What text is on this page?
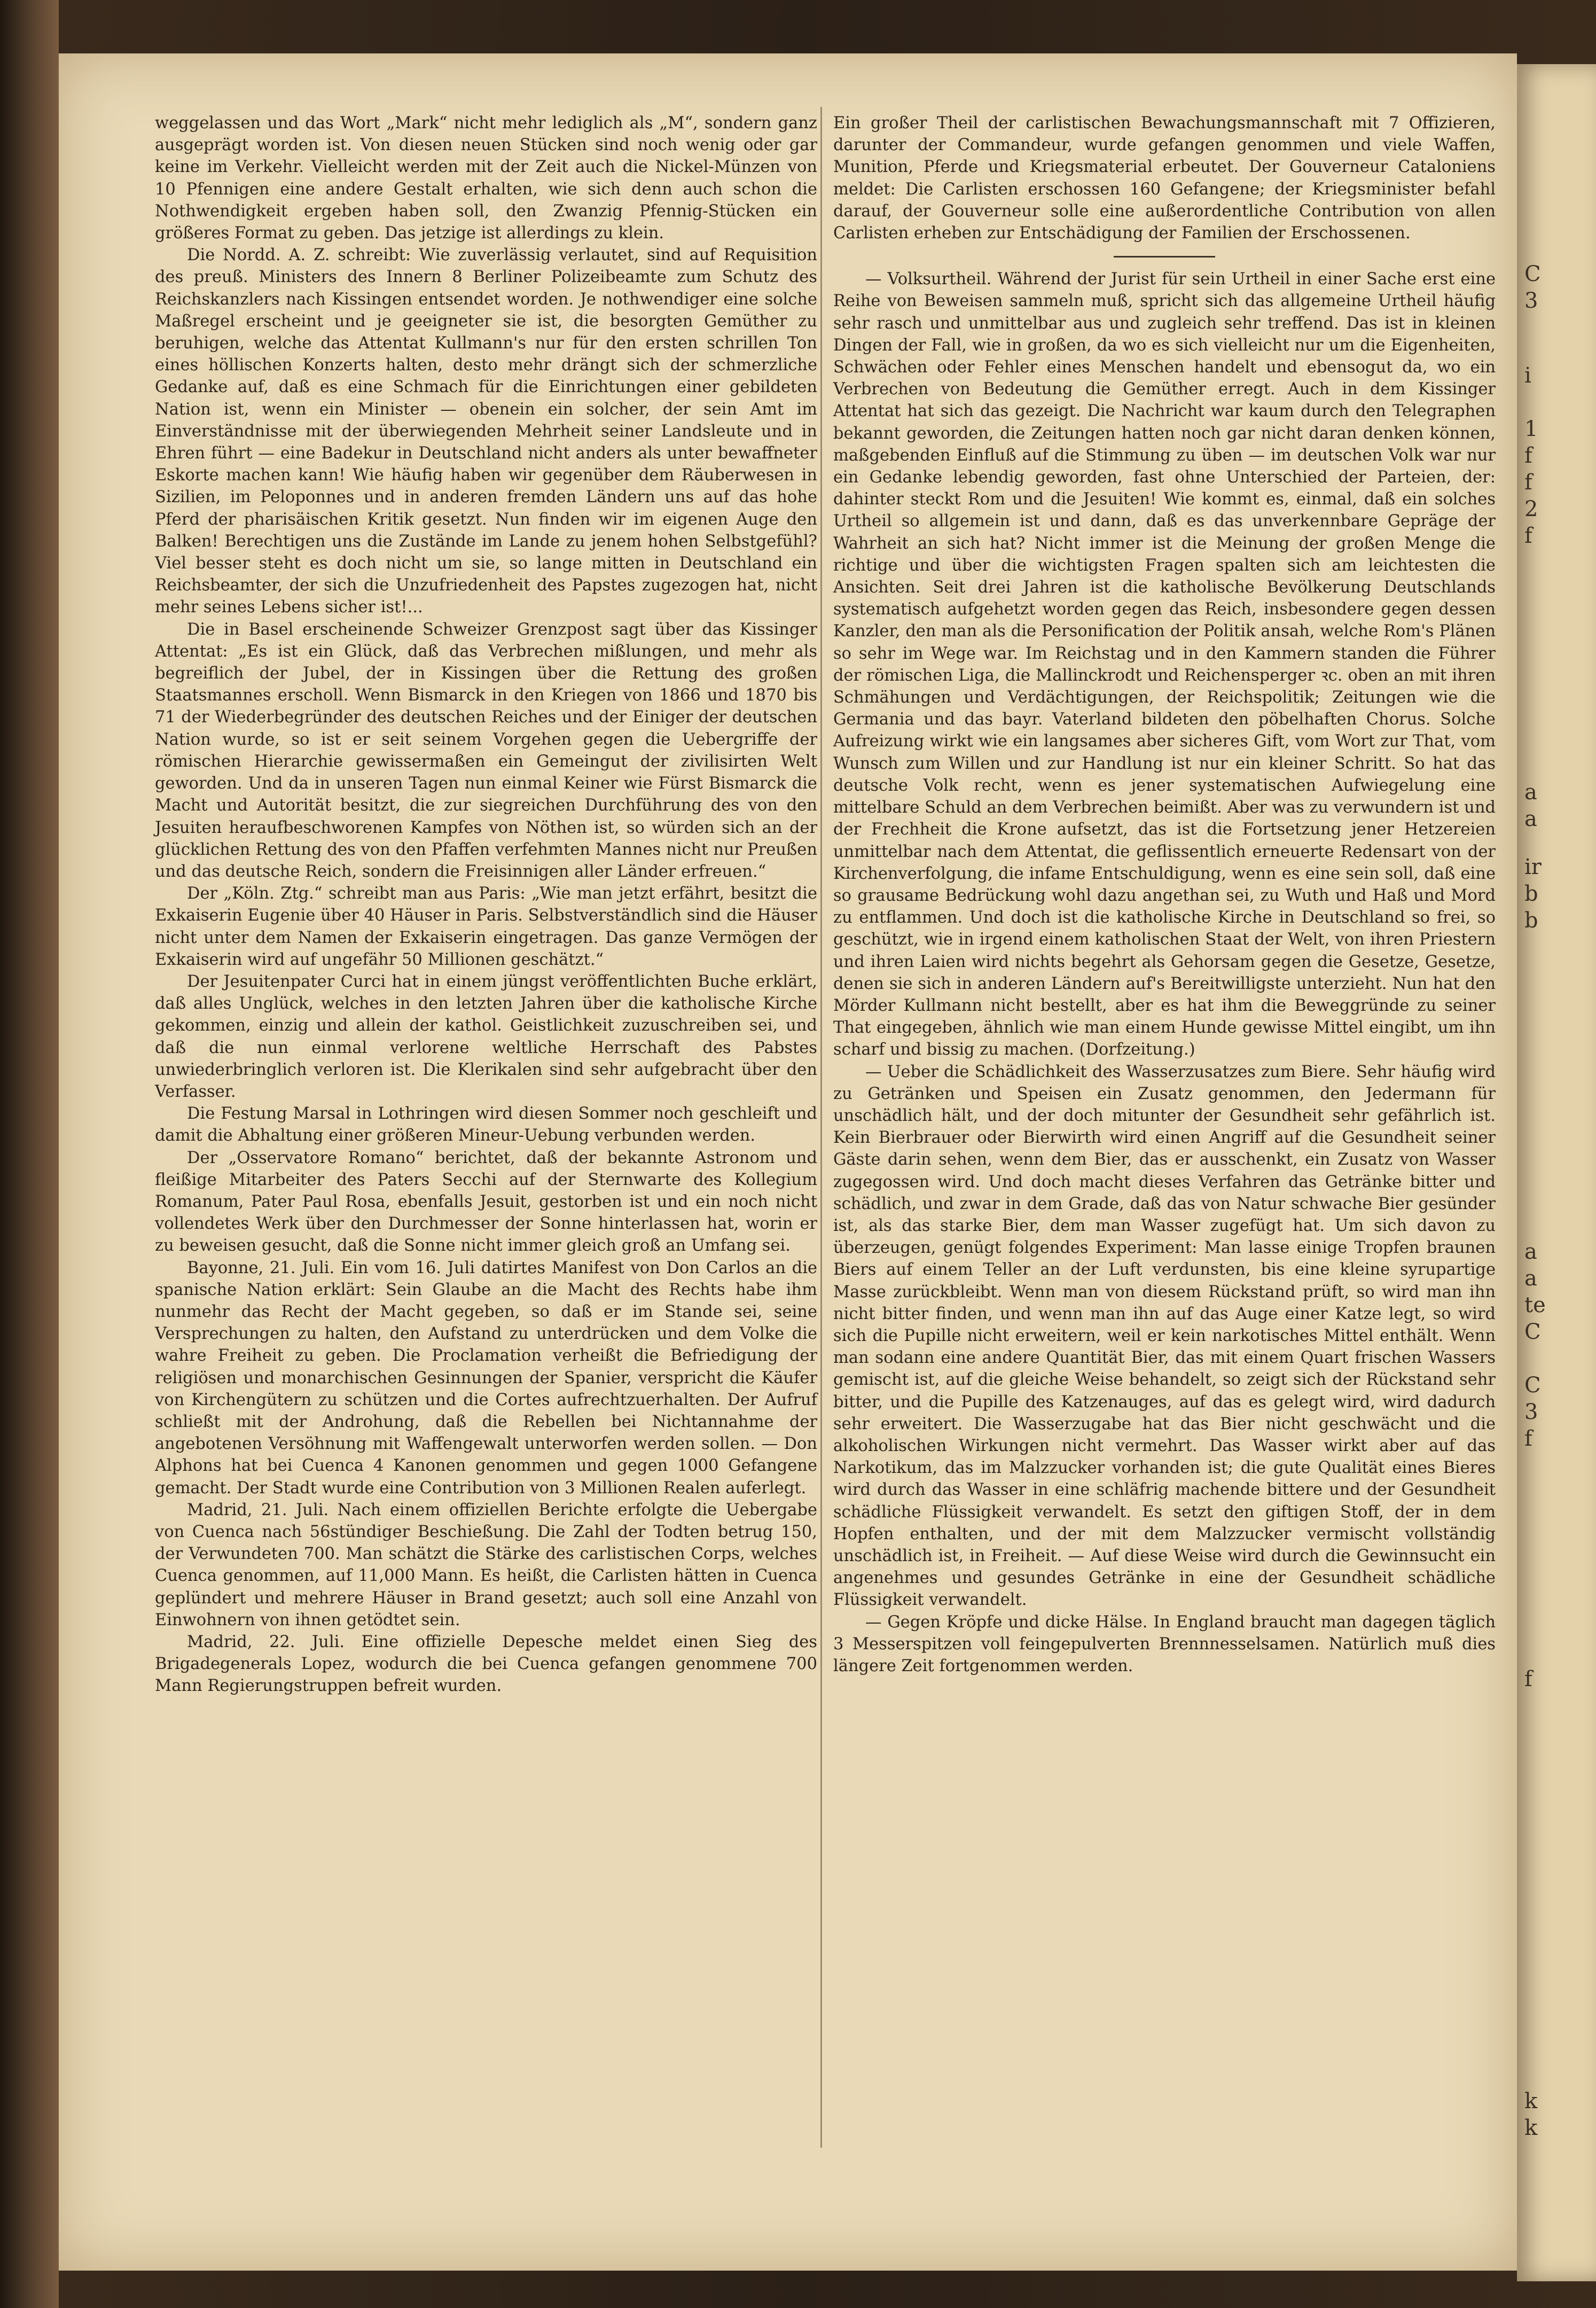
weggelassen und das Wort „Mark“ nicht mehr lediglich als „M“, sondern ganz ausgeprägt worden ist. Von diesen neuen Stücken sind noch wenig oder gar keine im Verkehr. Vielleicht werden mit der Zeit auch die Nickel-Münzen von 10 Pfennigen eine andere Gestalt erhalten, wie sich denn auch schon die Nothwendigkeit ergeben haben soll, den Zwanzig Pfennig-Stücken ein größeres Format zu geben. Das jetzige ist allerdings zu klein.

Die Nordd. A. Z. schreibt: Wie zuverlässig verlautet, sind auf Requisition des preuß. Ministers des Innern 8 Berliner Polizeibeamte zum Schutz des Reichskanzlers nach Kissingen entsendet worden. Je nothwendiger eine solche Maßregel erscheint und je geeigneter sie ist, die besorgten Gemüther zu beruhigen, welche das Attentat Kullmann's nur für den ersten schrillen Ton eines höllischen Konzerts halten, desto mehr drängt sich der schmerzliche Gedanke auf, daß es eine Schmach für die Einrichtungen einer gebildeten Nation ist, wenn ein Minister — obenein ein solcher, der sein Amt im Einverständnisse mit der überwiegenden Mehrheit seiner Landsleute und in Ehren führt — eine Badekur in Deutschland nicht anders als unter bewaffneter Eskorte machen kann! Wie häufig haben wir gegenüber dem Räuberwesen in Sizilien, im Peloponnes und in anderen fremden Ländern uns auf das hohe Pferd der pharisäischen Kritik gesetzt. Nun finden wir im eigenen Auge den Balken! Berechtigen uns die Zustände im Lande zu jenem hohen Selbstgefühl? Viel besser steht es doch nicht um sie, so lange mitten in Deutschland ein Reichsbeamter, der sich die Unzufriedenheit des Papstes zugezogen hat, nicht mehr seines Lebens sicher ist!...

Die in Basel erscheinende Schweizer Grenzpost sagt über das Kissinger Attentat: „Es ist ein Glück, daß das Verbrechen mißlungen, und mehr als begreiflich der Jubel, der in Kissingen über die Rettung des großen Staatsmannes erscholl. Wenn Bismarck in den Kriegen von 1866 und 1870 bis 71 der Wiederbegründer des deutschen Reiches und der Einiger der deutschen Nation wurde, so ist er seit seinem Vorgehen gegen die Uebergriffe der römischen Hierarchie gewissermaßen ein Gemeingut der zivilisirten Welt geworden. Und da in unseren Tagen nun einmal Keiner wie Fürst Bismarck die Macht und Autorität besitzt, die zur siegreichen Durchführung des von den Jesuiten heraufbeschworenen Kampfes von Nöthen ist, so würden sich an der glücklichen Rettung des von den Pfaffen verfehmten Mannes nicht nur Preußen und das deutsche Reich, sondern die Freisinnigen aller Länder erfreuen.“

Der „Köln. Ztg.“ schreibt man aus Paris: „Wie man jetzt erfährt, besitzt die Exkaiserin Eugenie über 40 Häuser in Paris. Selbstverständlich sind die Häuser nicht unter dem Namen der Exkaiserin eingetragen. Das ganze Vermögen der Exkaiserin wird auf ungefähr 50 Millionen geschätzt.“

Der Jesuitenpater Curci hat in einem jüngst veröffentlichten Buche erklärt, daß alles Unglück, welches in den letzten Jahren über die katholische Kirche gekommen, einzig und allein der kathol. Geistlichkeit zuzuschreiben sei, und daß die nun einmal verlorene weltliche Herrschaft des Pabstes unwiederbringlich verloren ist. Die Klerikalen sind sehr aufgebracht über den Verfasser.

Die Festung Marsal in Lothringen wird diesen Sommer noch geschleift und damit die Abhaltung einer größeren Mineur-Uebung verbunden werden.

Der „Osservatore Romano“ berichtet, daß der bekannte Astronom und fleißige Mitarbeiter des Paters Secchi auf der Sternwarte des Kollegium Romanum, Pater Paul Rosa, ebenfalls Jesuit, gestorben ist und ein noch nicht vollendetes Werk über den Durchmesser der Sonne hinterlassen hat, worin er zu beweisen gesucht, daß die Sonne nicht immer gleich groß an Umfang sei.

Bayonne, 21. Juli. Ein vom 16. Juli datirtes Manifest von Don Carlos an die spanische Nation erklärt: Sein Glaube an die Macht des Rechts habe ihm nunmehr das Recht der Macht gegeben, so daß er im Stande sei, seine Versprechungen zu halten, den Aufstand zu unterdrücken und dem Volke die wahre Freiheit zu geben. Die Proclamation verheißt die Befriedigung der religiösen und monarchischen Gesinnungen der Spanier, verspricht die Käufer von Kirchengütern zu schützen und die Cortes aufrechtzuerhalten. Der Aufruf schließt mit der Androhung, daß die Rebellen bei Nichtannahme der angebotenen Versöhnung mit Waffengewalt unterworfen werden sollen. — Don Alphons hat bei Cuenca 4 Kanonen genommen und gegen 1000 Gefangene gemacht. Der Stadt wurde eine Contribution von 3 Millionen Realen auferlegt.

Madrid, 21. Juli. Nach einem offiziellen Berichte erfolgte die Uebergabe von Cuenca nach 56stündiger Beschießung. Die Zahl der Todten betrug 150, der Verwundeten 700. Man schätzt die Stärke des carlistischen Corps, welches Cuenca genommen, auf 11,000 Mann. Es heißt, die Carlisten hätten in Cuenca geplündert und mehrere Häuser in Brand gesetzt; auch soll eine Anzahl von Einwohnern von ihnen getödtet sein.

Madrid, 22. Juli. Eine offizielle Depesche meldet einen Sieg des Brigadegenerals Lopez, wodurch die bei Cuenca gefangen genommene 700 Mann Regierungstruppen befreit wurden.

Ein großer Theil der carlistischen Bewachungsmannschaft mit 7 Offizieren, darunter der Commandeur, wurde gefangen genommen und viele Waffen, Munition, Pferde und Kriegsmaterial erbeutet. Der Gouverneur Cataloniens meldet: Die Carlisten erschossen 160 Gefangene; der Kriegsminister befahl darauf, der Gouverneur solle eine außerordentliche Contribution von allen Carlisten erheben zur Entschädigung der Familien der Erschossenen.

— Volksurtheil. Während der Jurist für sein Urtheil in einer Sache erst eine Reihe von Beweisen sammeln muß, spricht sich das allgemeine Urtheil häufig sehr rasch und unmittelbar aus und zugleich sehr treffend. Das ist in kleinen Dingen der Fall, wie in großen, da wo es sich vielleicht nur um die Eigenheiten, Schwächen oder Fehler eines Menschen handelt und ebensogut da, wo ein Verbrechen von Bedeutung die Gemüther erregt. Auch in dem Kissinger Attentat hat sich das gezeigt. Die Nachricht war kaum durch den Telegraphen bekannt geworden, die Zeitungen hatten noch gar nicht daran denken können, maßgebenden Einfluß auf die Stimmung zu üben — im deutschen Volk war nur ein Gedanke lebendig geworden, fast ohne Unterschied der Parteien, der: dahinter steckt Rom und die Jesuiten! Wie kommt es, einmal, daß ein solches Urtheil so allgemein ist und dann, daß es das unverkennbare Gepräge der Wahrheit an sich hat? Nicht immer ist die Meinung der großen Menge die richtige und über die wichtigsten Fragen spalten sich am leichtesten die Ansichten. Seit drei Jahren ist die katholische Bevölkerung Deutschlands systematisch aufgehetzt worden gegen das Reich, insbesondere gegen dessen Kanzler, den man als die Personification der Politik ansah, welche Rom's Plänen so sehr im Wege war. Im Reichstag und in den Kammern standen die Führer der römischen Liga, die Mallinckrodt und Reichensperger ꝛc. oben an mit ihren Schmähungen und Verdächtigungen, der Reichspolitik; Zeitungen wie die Germania und das bayr. Vaterland bildeten den pöbelhaften Chorus. Solche Aufreizung wirkt wie ein langsames aber sicheres Gift, vom Wort zur That, vom Wunsch zum Willen und zur Handlung ist nur ein kleiner Schritt. So hat das deutsche Volk recht, wenn es jener systematischen Aufwiegelung eine mittelbare Schuld an dem Verbrechen beimißt. Aber was zu verwundern ist und der Frechheit die Krone aufsetzt, das ist die Fortsetzung jener Hetzereien unmittelbar nach dem Attentat, die geflissentlich erneuerte Redensart von der Kirchenverfolgung, die infame Entschuldigung, wenn es eine sein soll, daß eine so grausame Bedrückung wohl dazu angethan sei, zu Wuth und Haß und Mord zu entflammen. Und doch ist die katholische Kirche in Deutschland so frei, so geschützt, wie in irgend einem katholischen Staat der Welt, von ihren Priestern und ihren Laien wird nichts begehrt als Gehorsam gegen die Gesetze, Gesetze, denen sie sich in anderen Ländern auf's Bereitwilligste unterzieht. Nun hat den Mörder Kullmann nicht bestellt, aber es hat ihm die Beweggründe zu seiner That eingegeben, ähnlich wie man einem Hunde gewisse Mittel eingibt, um ihn scharf und bissig zu machen. (Dorfzeitung.)

— Ueber die Schädlichkeit des Wasserzusatzes zum Biere. Sehr häufig wird zu Getränken und Speisen ein Zusatz genommen, den Jedermann für unschädlich hält, und der doch mitunter der Gesundheit sehr gefährlich ist. Kein Bierbrauer oder Bierwirth wird einen Angriff auf die Gesundheit seiner Gäste darin sehen, wenn dem Bier, das er ausschenkt, ein Zusatz von Wasser zugegossen wird. Und doch macht dieses Verfahren das Getränke bitter und schädlich, und zwar in dem Grade, daß das von Natur schwache Bier gesünder ist, als das starke Bier, dem man Wasser zugefügt hat. Um sich davon zu überzeugen, genügt folgendes Experiment: Man lasse einige Tropfen braunen Biers auf einem Teller an der Luft verdunsten, bis eine kleine syrupartige Masse zurückbleibt. Wenn man von diesem Rückstand prüft, so wird man ihn nicht bitter finden, und wenn man ihn auf das Auge einer Katze legt, so wird sich die Pupille nicht erweitern, weil er kein narkotisches Mittel enthält. Wenn man sodann eine andere Quantität Bier, das mit einem Quart frischen Wassers gemischt ist, auf die gleiche Weise behandelt, so zeigt sich der Rückstand sehr bitter, und die Pupille des Katzenauges, auf das es gelegt wird, wird dadurch sehr erweitert. Die Wasserzugabe hat das Bier nicht geschwächt und die alkoholischen Wirkungen nicht vermehrt. Das Wasser wirkt aber auf das Narkotikum, das im Malzzucker vorhanden ist; die gute Qualität eines Bieres wird durch das Wasser in eine schläfrig machende bittere und der Gesundheit schädliche Flüssigkeit verwandelt. Es setzt den giftigen Stoff, der in dem Hopfen enthalten, und der mit dem Malzzucker vermischt vollständig unschädlich ist, in Freiheit. — Auf diese Weise wird durch die Gewinnsucht ein angenehmes und gesundes Getränke in eine der Gesundheit schädliche Flüssigkeit verwandelt.

— Gegen Kröpfe und dicke Hälse. In England braucht man dagegen täglich 3 Messerspitzen voll feingepulverten Brennnesselsamen. Natürlich muß dies längere Zeit fortgenommen werden.

C
3
i
1
f
f
2
f
a
a
ir
b
b
a
a
te
C
C
3
f
f
k
k
